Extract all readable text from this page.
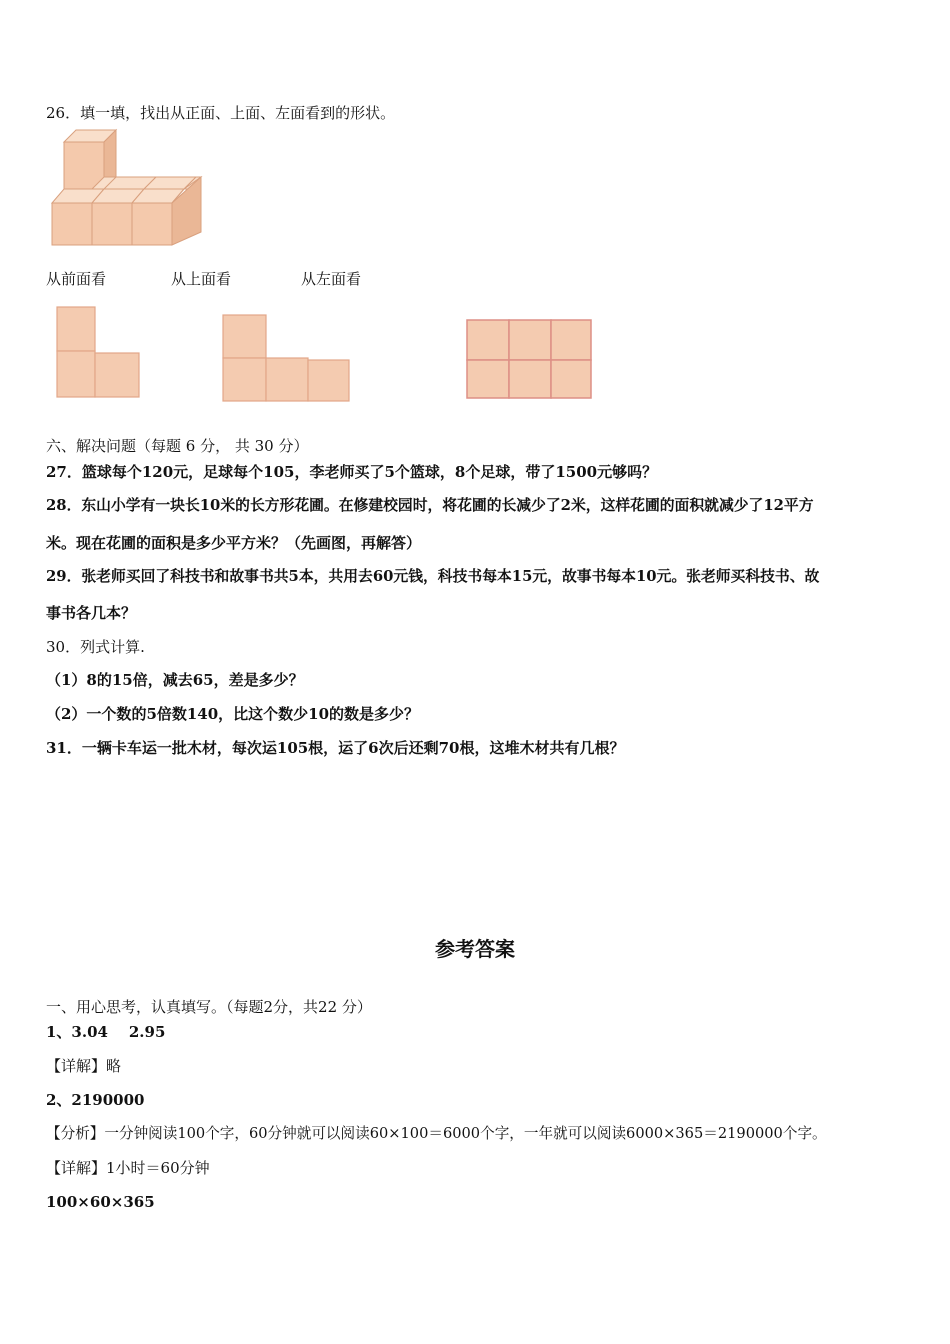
26．填一填，找出从正面、上面、左面看到的形状。
从前面看	从上面看	从左面看
六、解决问题（每题 6 分， 共 30 分）
27．篮球每个120元，足球每个105，李老师买了5个篮球，8个足球，带了1500元够吗？
28．东山小学有一块长10米的长方形花圃。在修建校园时，将花圃的长减少了2米，这样花圃的面积就减少了12平方
米。现在花圃的面积是多少平方米？（先画图，再解答）
29．张老师买回了科技书和故事书共5本，共用去60元钱，科技书每本15元，故事书每本10元。张老师买科技书、故
事书各几本？
30．列式计算.
（1）8的15倍，减去65，差是多少？
（2）一个数的5倍数140，比这个数少10的数是多少？
31．一辆卡车运一批木材，每次运105根，运了6次后还剩70根，这堆木材共有几根？
参考答案
一、用心思考，认真填写。（每题2分，共22 分）
1、3.04    2.95
【详解】略
2、2190000
【分析】一分钟阅读100个字，60分钟就可以阅读60×100＝6000个字，一年就可以阅读6000×365＝2190000个字。
【详解】1小时＝60分钟
100×60×365
